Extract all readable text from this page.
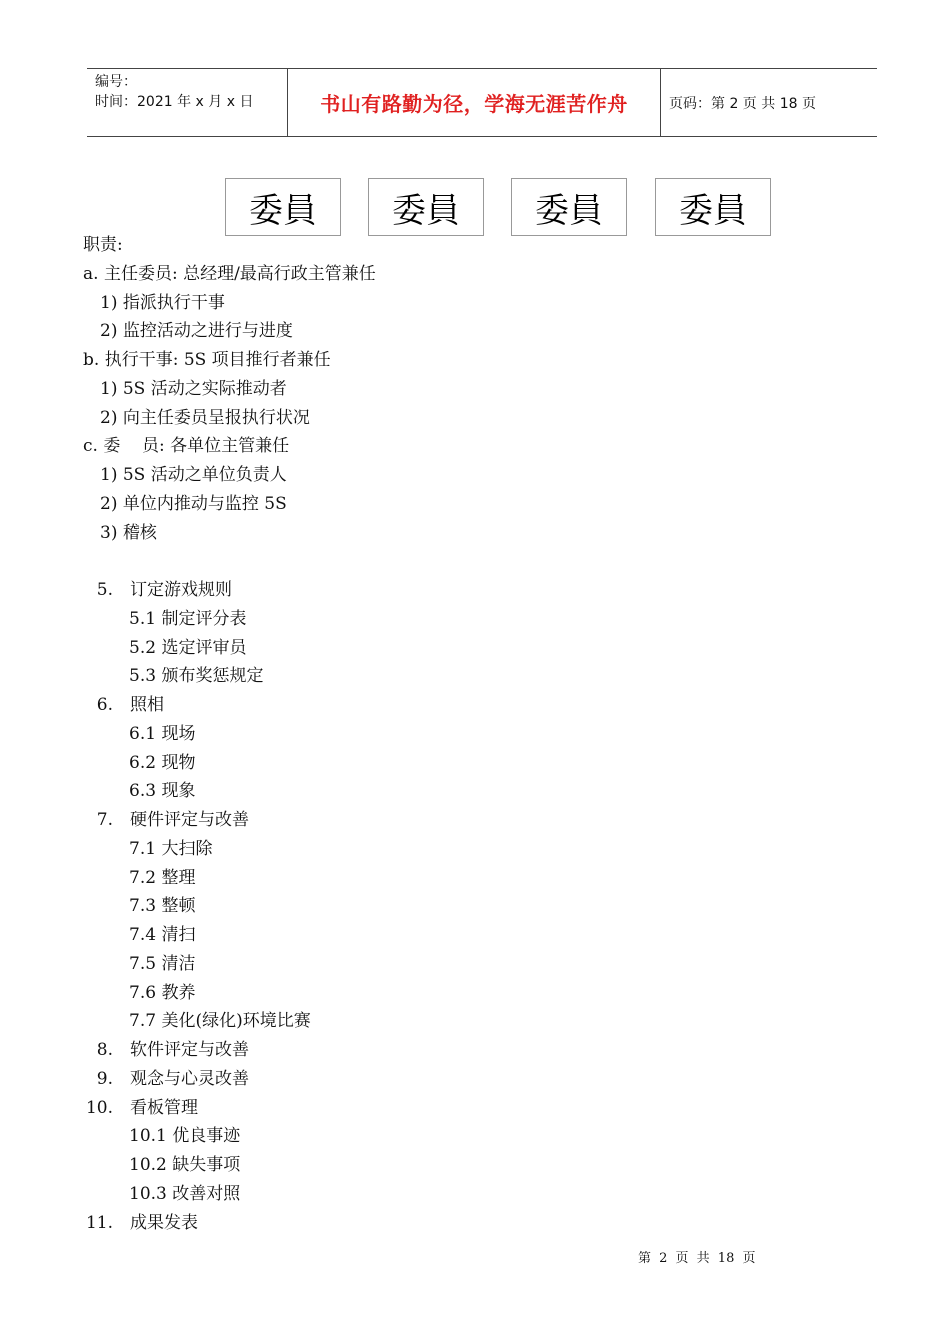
编号：
时间：2021 年 x 月 x 日	书山有路勤为径，学海无涯苦作舟	页码：第 2 页 共 18 页
委員	委員	委員	委員
职责:
a. 主任委员: 总经理/最高行政主管兼任
1) 指派执行干事
2) 监控活动之进行与进度
b. 执行干事: 5S 项目推行者兼任
1) 5S 活动之实际推动者
2) 向主任委员呈报执行状况
c. 委    员: 各单位主管兼任
1) 5S 活动之单位负责人
2) 单位内推动与监控 5S
3) 稽核
5. 订定游戏规则
5.1 制定评分表
5.2 选定评审员
5.3 颁布奖惩规定
6. 照相
6.1 现场
6.2 现物
6.3 现象
7. 硬件评定与改善
7.1 大扫除
7.2 整理
7.3 整顿
7.4 清扫
7.5 清洁
7.6 教养
7.7 美化(绿化)环境比赛
8. 软件评定与改善
9. 观念与心灵改善
10. 看板管理
10.1 优良事迹
10.2 缺失事项
10.3 改善对照
11. 成果发表
第 2 页 共 18 页
